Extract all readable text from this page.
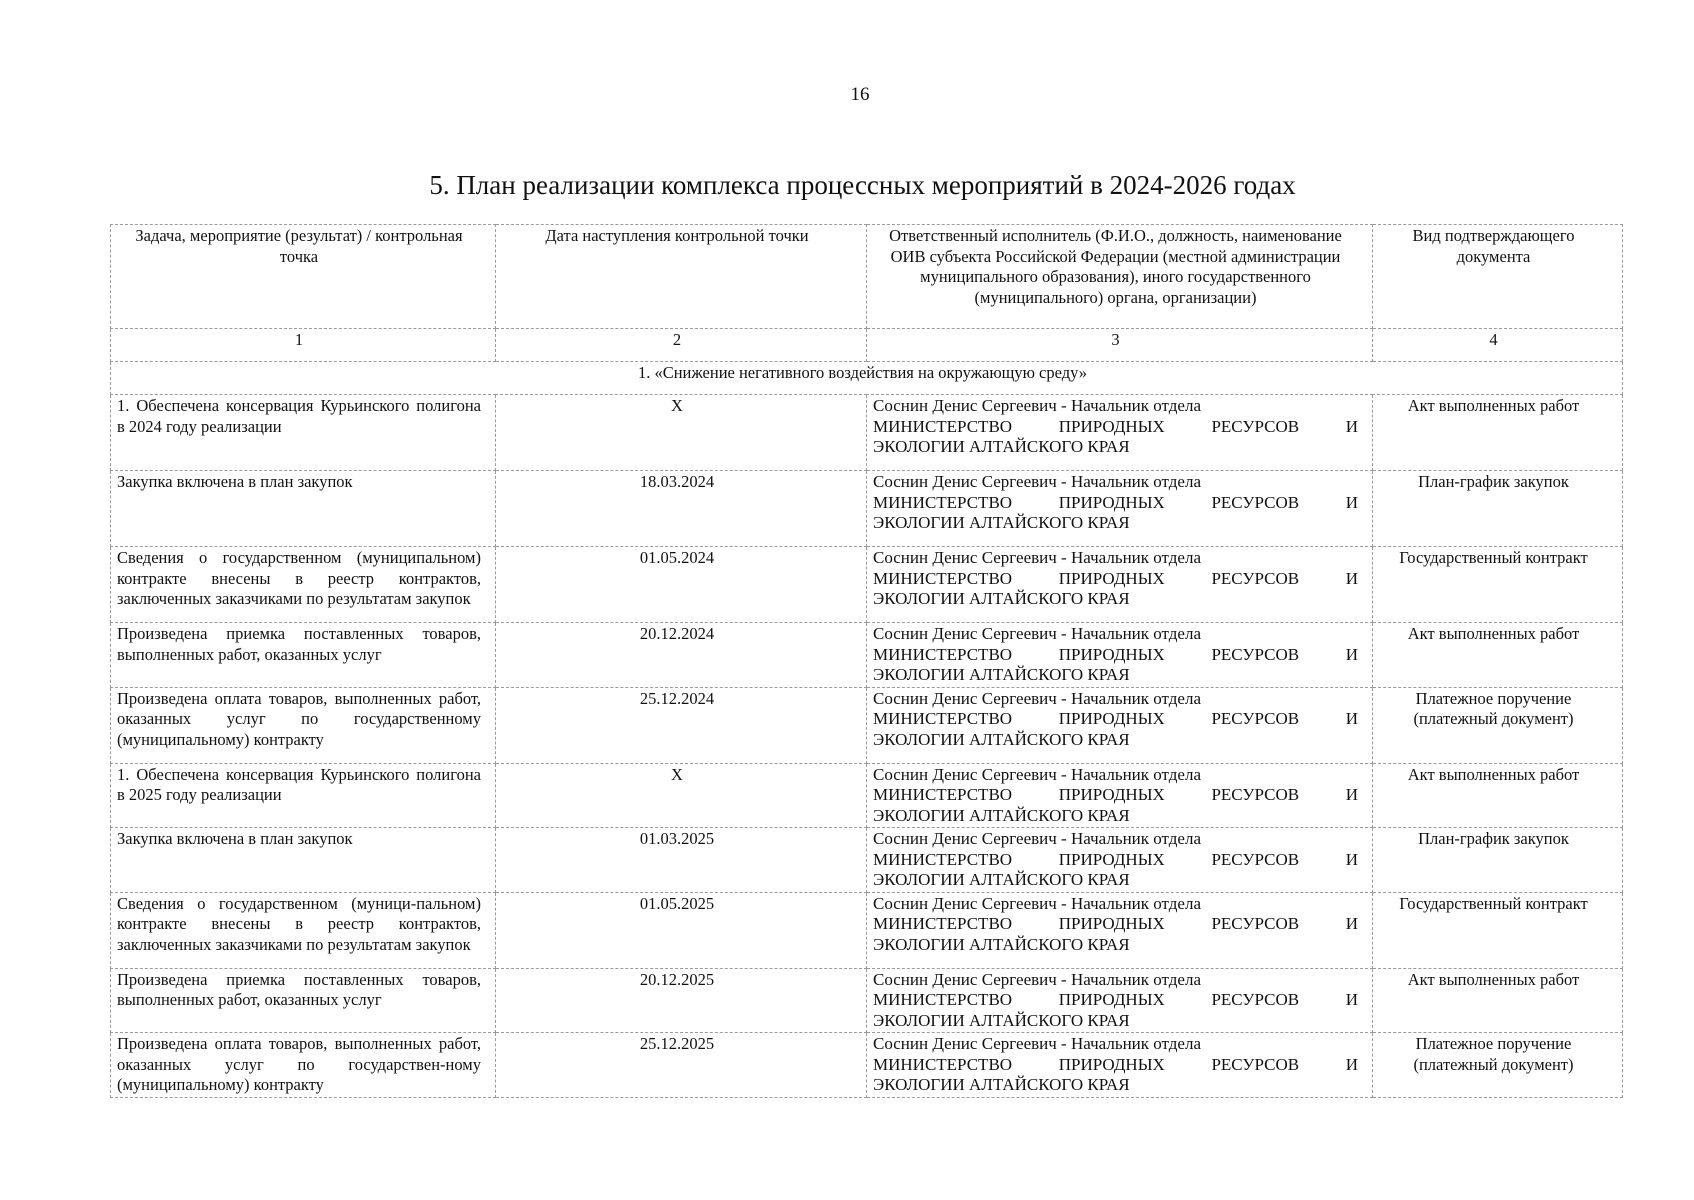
16
5. План реализации комплекса процессных мероприятий в 2024-2026 годах
Задача, мероприятие (результат) / контрольная точка	Дата наступления контрольной точки	Ответственный исполнитель (Ф.И.О., должность, наименование ОИВ субъекта Российской Федерации (местной администрации муниципального образования), иного государственного (муниципального) органа, организации)	Вид подтверждающего документа
1	2	3	4
1. «Снижение негативного воздействия на окружающую среду»			
1. Обеспечена консервация Курьинского полигона в 2024 году реализации	X	Соснин Денис Сергеевич - Начальник отдела
МИНИСТЕРСТВО ПРИРОДНЫХ РЕСУРСОВ И
ЭКОЛОГИИ АЛТАЙСКОГО КРАЯ	Акт выполненных работ
Закупка включена в план закупок	18.03.2024	Соснин Денис Сергеевич - Начальник отдела
МИНИСТЕРСТВО ПРИРОДНЫХ РЕСУРСОВ И
ЭКОЛОГИИ АЛТАЙСКОГО КРАЯ	План-график закупок
Сведения о государственном (муниципальном) контракте внесены в реестр контрактов, заключенных заказчиками по результатам закупок	01.05.2024	Соснин Денис Сергеевич - Начальник отдела
МИНИСТЕРСТВО ПРИРОДНЫХ РЕСУРСОВ И
ЭКОЛОГИИ АЛТАЙСКОГО КРАЯ	Государственный контракт
Произведена приемка поставленных товаров, выполненных работ, оказанных услуг	20.12.2024	Соснин Денис Сергеевич - Начальник отдела
МИНИСТЕРСТВО ПРИРОДНЫХ РЕСУРСОВ И
ЭКОЛОГИИ АЛТАЙСКОГО КРАЯ	Акт выполненных работ
Произведена оплата товаров, выполненных работ, оказанных услуг по государственному (муниципальному) контракту	25.12.2024	Соснин Денис Сергеевич - Начальник отдела
МИНИСТЕРСТВО ПРИРОДНЫХ РЕСУРСОВ И
ЭКОЛОГИИ АЛТАЙСКОГО КРАЯ	Платежное поручение (платежный документ)
1. Обеспечена консервация Курьинского полигона в 2025 году реализации	X	Соснин Денис Сергеевич - Начальник отдела
МИНИСТЕРСТВО ПРИРОДНЫХ РЕСУРСОВ И
ЭКОЛОГИИ АЛТАЙСКОГО КРАЯ	Акт выполненных работ
Закупка включена в план закупок	01.03.2025	Соснин Денис Сергеевич - Начальник отдела
МИНИСТЕРСТВО ПРИРОДНЫХ РЕСУРСОВ И
ЭКОЛОГИИ АЛТАЙСКОГО КРАЯ	План-график закупок
Сведения о государственном (муници-пальном) контракте внесены в реестр контрактов, заключенных заказчиками по результатам закупок	01.05.2025	Соснин Денис Сергеевич - Начальник отдела
МИНИСТЕРСТВО ПРИРОДНЫХ РЕСУРСОВ И
ЭКОЛОГИИ АЛТАЙСКОГО КРАЯ	Государственный контракт
Произведена приемка поставленных товаров, выполненных работ, оказанных услуг	20.12.2025	Соснин Денис Сергеевич - Начальник отдела
МИНИСТЕРСТВО ПРИРОДНЫХ РЕСУРСОВ И
ЭКОЛОГИИ АЛТАЙСКОГО КРАЯ	Акт выполненных работ
Произведена оплата товаров, выполненных работ, оказанных услуг по государствен-ному (муниципальному) контракту	25.12.2025	Соснин Денис Сергеевич - Начальник отдела
МИНИСТЕРСТВО ПРИРОДНЫХ РЕСУРСОВ И
ЭКОЛОГИИ АЛТАЙСКОГО КРАЯ	Платежное поручение (платежный документ)
